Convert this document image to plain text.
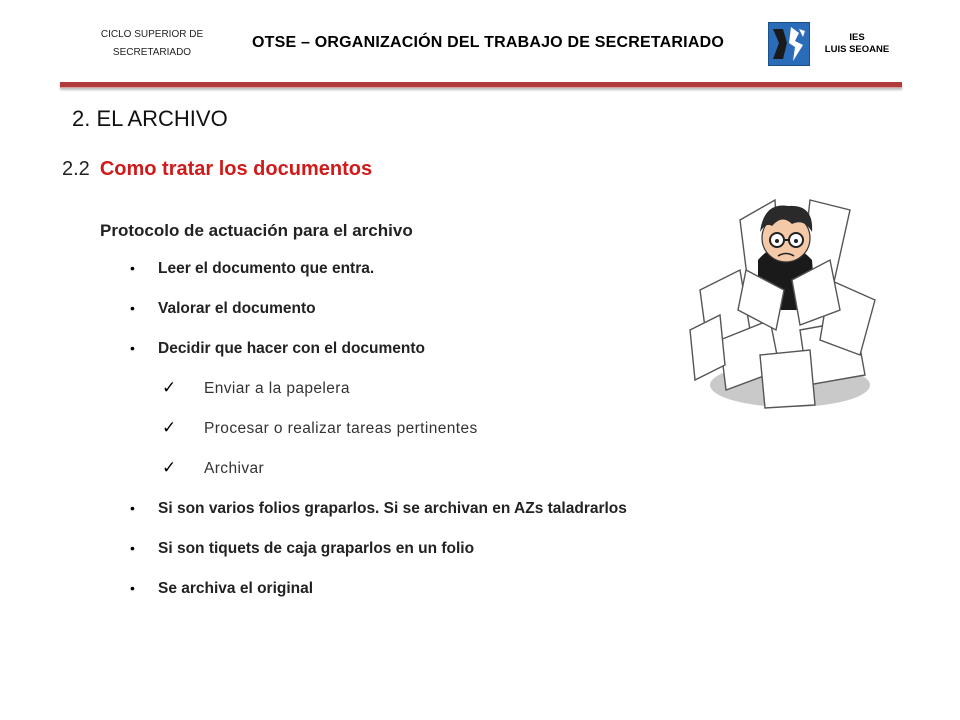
CICLO SUPERIOR DE
SECRETARIADO
OTSE – ORGANIZACIÓN DEL TRABAJO DE SECRETARIADO	IES
LUIS SEOANE
2. EL ARCHIVO
2.2 Como tratar los documentos
Protocolo de actuación para el archivo
• Leer el documento que entra.
• Valorar el documento
• Decidir que hacer con el documento
✓ Enviar a la papelera
✓ Procesar o realizar tareas pertinentes
✓ Archivar
• Si son varios folios graparlos. Si se archivan en AZs taladrarlos
• Si son tiquets de caja graparlos en un folio
• Se archiva el original
